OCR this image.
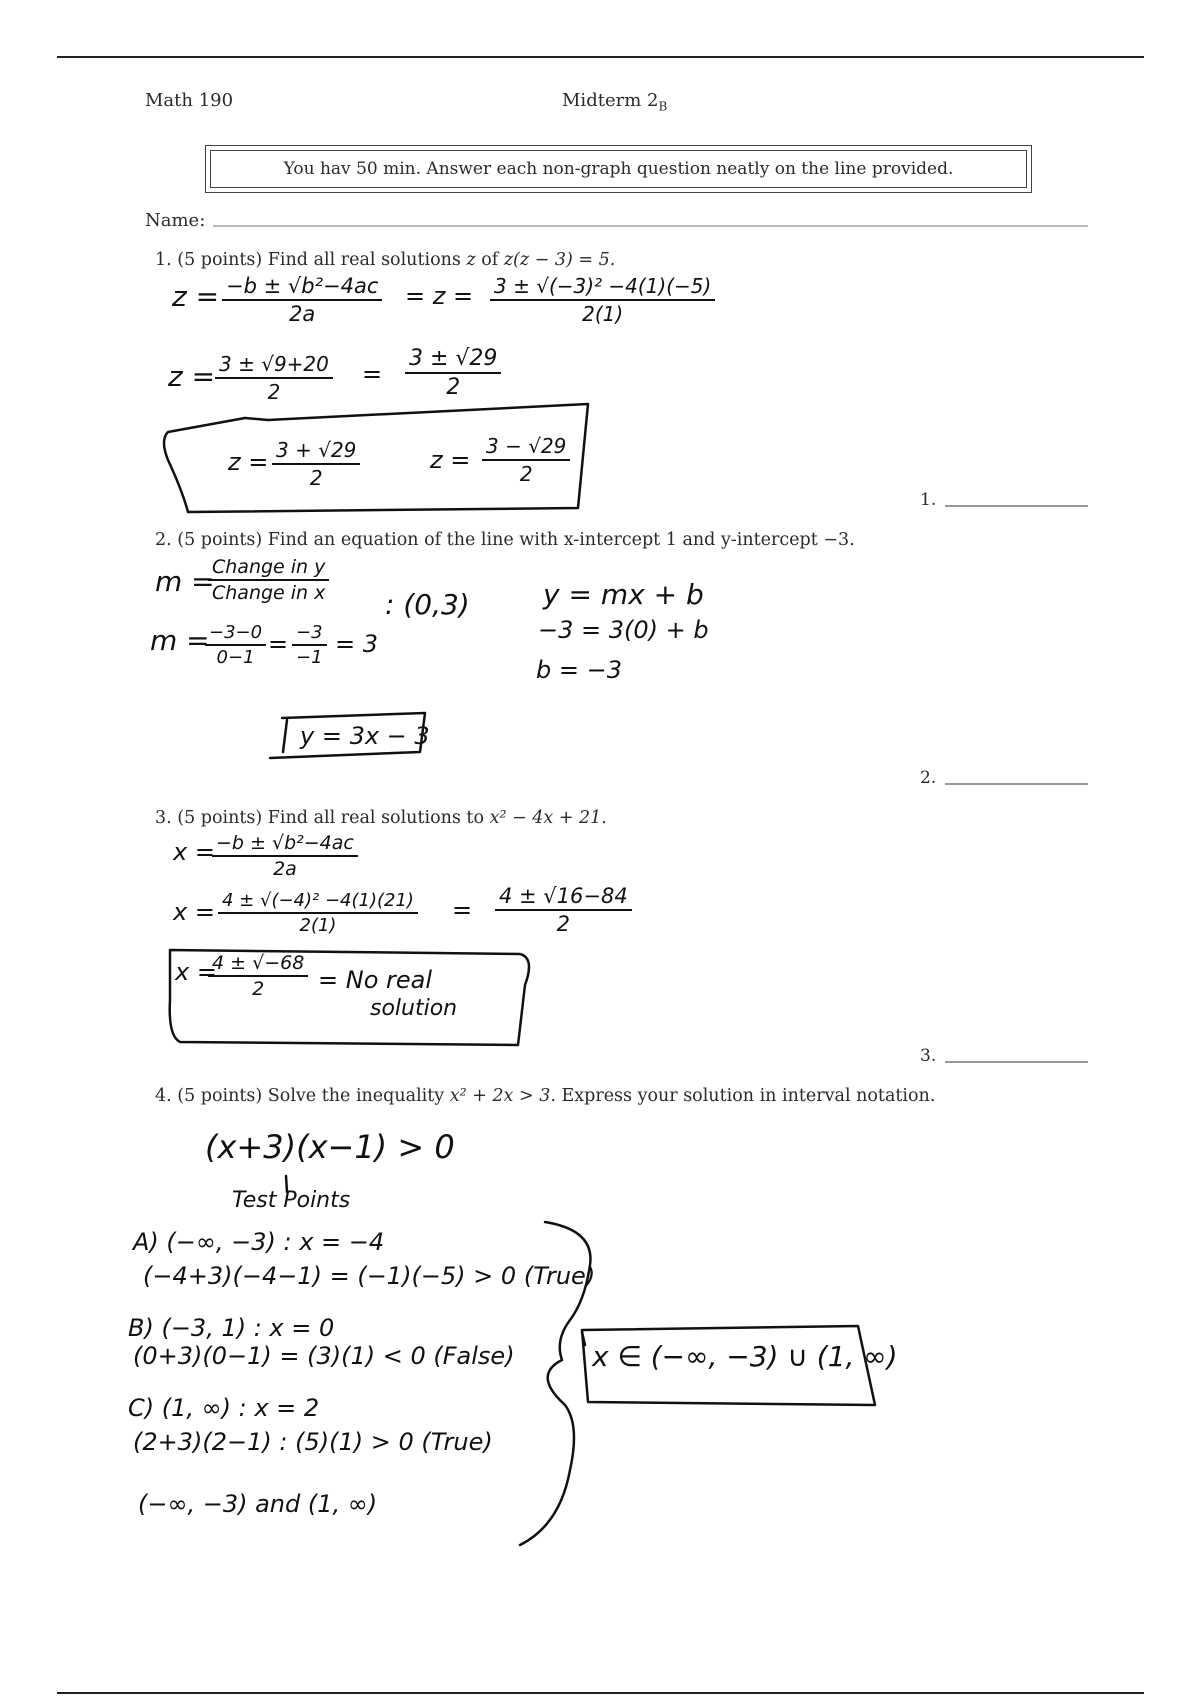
Math 190	Midterm $2_B$
You hav 50 min. Answer each non-graph question neatly on the line provided.
Name:
1. (5 points) Find all real solutions z of z(z − 3) = 5.
$z = \frac{\text{−b ± √b²−4ac}}{2a} = z = \frac{\text{3 ± √(−3)² −4(1)(−5)}}{2(1)}$
$z = \frac{3 \pm √9+20}{2} = \frac{3 \pm √29}{2}$
$z = \frac{3 + √29}{2}$	$z = \frac{3 - √29}{2}$
1.
2. (5 points) Find an equation of the line with x-intercept 1 and y-intercept −3.
m =
Change in y
Change in x : (0,3)
m =
$\frac{-3-0}{0-1} = \frac{-3}{-1} = 3$
y = mx + b
−3 = 3(0) + b
b = −3
y = 3x − 3
2.
3. (5 points) Find all real solutions to x² − 4x + 21.
x =
$\frac{\text{−b ± √b²−4ac}}{2a}$
$x = \frac{\text{4 ± √(−4)² −4(1)(21)}}{2(1)} = \frac{4 \pm √16-84}{2}$
x =
$\frac{4 \pm √-68}{2} = No$ real
solution
3.
4. (5 points) Solve the inequality x² + 2x > 3. Express your solution in interval notation.
(x+3)(x−1) > 0
Test Points
A) (−∞, −3) : x = −4
(−4+3)(−4−1) = (−1)(−5) > 0 (True)
B) (−3, 1) : x = 0
(0+3)(0−1) = (3)(1) < 0 (False)
C) (1, ∞) : x = 2
(2+3)(2−1) : (5)(1) > 0 (True)
(−∞, −3) and (1, ∞)
x ∈ (−∞, −3) ∪ (1, ∞)
